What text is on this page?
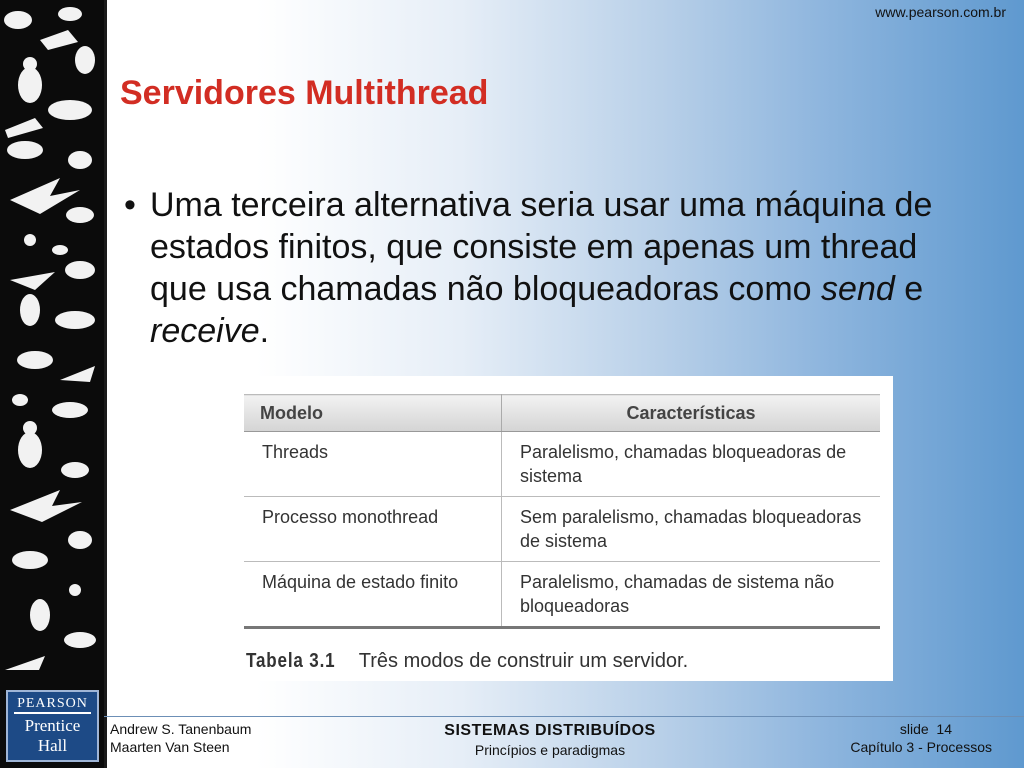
www.pearson.com.br
Servidores Multithread
• Uma terceira alternativa seria usar uma máquina de estados finitos, que consiste em apenas um thread que usa chamadas não bloqueadoras como send e receive.
Modelo	Características
Threads	Paralelismo, chamadas bloqueadoras de sistema
Processo monothread	Sem paralelismo, chamadas bloqueadoras de sistema
Máquina de estado finito	Paralelismo, chamadas de sistema não bloqueadoras
Tabela 3.1 Três modos de construir um servidor.
PEARSON
Prentice
Hall
Andrew S. Tanenbaum
Maarten Van Steen
SISTEMAS DISTRIBUÍDOS
Princípios e paradigmas
slide 14
Capítulo 3 - Processos
